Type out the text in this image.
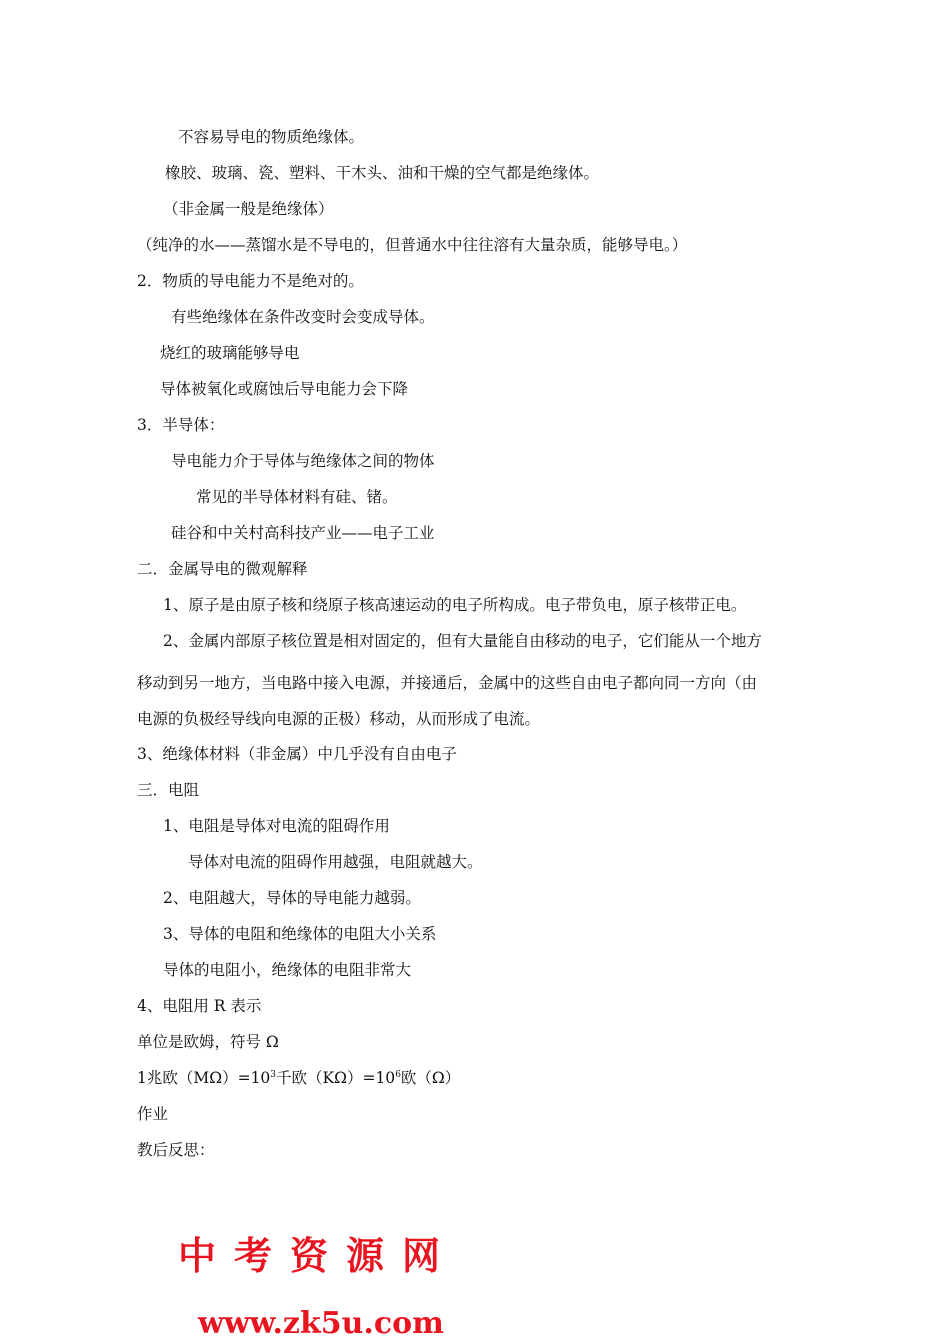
不容易导电的物质绝缘体。
橡胶、玻璃、瓷、塑料、干木头、油和干燥的空气都是绝缘体。
（非金属一般是绝缘体）
（纯净的水——蒸馏水是不导电的，但普通水中往往溶有大量杂质，能够导电。）
2．物质的导电能力不是绝对的。
有些绝缘体在条件改变时会变成导体。
烧红的玻璃能够导电
导体被氧化或腐蚀后导电能力会下降
3．半导体：
导电能力介于导体与绝缘体之间的物体
常见的半导体材料有硅、锗。
硅谷和中关村高科技产业——电子工业
二．金属导电的微观解释
1、原子是由原子核和绕原子核高速运动的电子所构成。电子带负电，原子核带正电。
2、金属内部原子核位置是相对固定的，但有大量能自由移动的电子，它们能从一个地方
移动到另一地方，当电路中接入电源，并接通后，金属中的这些自由电子都向同一方向（由
电源的负极经导线向电源的正极）移动，从而形成了电流。
3、绝缘体材料（非金属）中几乎没有自由电子
三．电阻
1、电阻是导体对电流的阻碍作用
导体对电流的阻碍作用越强，电阻就越大。
2、电阻越大，导体的导电能力越弱。
3、导体的电阻和绝缘体的电阻大小关系
导体的电阻小，绝缘体的电阻非常大
4、电阻用 R 表示
单位是欧姆，符号 Ω
1兆欧$(M\Omega)=10^3$千欧$(K\Omega)=10^6$欧（Ω）
作业
教后反思：
中考资源网
www.zk5u.com
